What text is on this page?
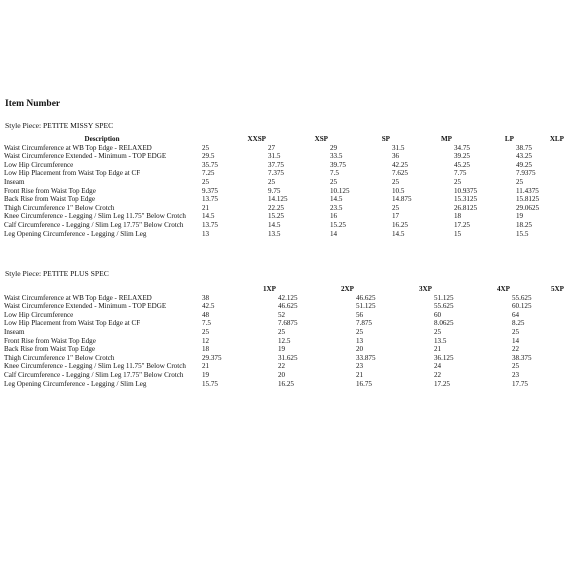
Item Number
Style Piece: PETITE MISSY SPEC
Description	XXSP	XSP	SP	MP	LP	XLP
Waist Circumference at WB Top Edge - RELAXED	25	27	29	31.5	34.75	38.75
Waist Circumference Extended - Minimum - TOP EDGE	29.5	31.5	33.5	36	39.25	43.25
Low Hip Circumference	35.75	37.75	39.75	42.25	45.25	49.25
Low Hip Placement from Waist Top Edge at CF	7.25	7.375	7.5	7.625	7.75	7.9375
Inseam	25	25	25	25	25	25
Front Rise from Waist Top Edge	9.375	9.75	10.125	10.5	10.9375	11.4375
Back Rise from Waist Top Edge	13.75	14.125	14.5	14.875	15.3125	15.8125
Thigh Circumference 1" Below Crotch	21	22.25	23.5	25	26.8125	29.0625
Knee Circumference - Legging / Slim Leg 11.75" Below Crotch	14.5	15.25	16	17	18	19
Calf Circumference - Legging / Slim Leg 17.75" Below Crotch	13.75	14.5	15.25	16.25	17.25	18.25
Leg Opening Circumference - Legging / Slim Leg	13	13.5	14	14.5	15	15.5
Style Piece: PETITE PLUS SPEC
	1XP	2XP	3XP	4XP	5XP
Waist Circumference at WB Top Edge - RELAXED	38	42.125	46.625	51.125	55.625
Waist Circumference Extended - Minimum - TOP EDGE	42.5	46.625	51.125	55.625	60.125
Low Hip Circumference	48	52	56	60	64
Low Hip Placement from Waist Top Edge at CF	7.5	7.6875	7.875	8.0625	8.25
Inseam	25	25	25	25	25
Front Rise from Waist Top Edge	12	12.5	13	13.5	14
Back Rise from Waist Top Edge	18	19	20	21	22
Thigh Circumference 1" Below Crotch	29.375	31.625	33.875	36.125	38.375
Knee Circumference - Legging / Slim Leg 11.75" Below Crotch	21	22	23	24	25
Calf Circumference - Legging / Slim Leg 17.75" Below Crotch	19	20	21	22	23
Leg Opening Circumference - Legging / Slim Leg	15.75	16.25	16.75	17.25	17.75
